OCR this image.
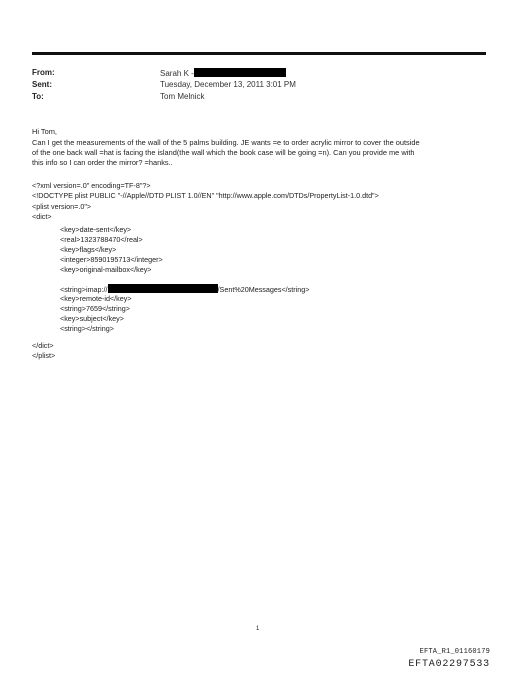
From:	Sarah K -
Sent:	Tuesday, December 13, 2011 3:01 PM
To:	Tom Melnick
Hi Tom,
Can I get the measurements of the wall of the 5 palms building. JE wants =e to order acrylic mirror to cover the outside
of the one back wall =hat is facing the island(the wall which the book case will be going =n). Can you provide me with
this info so I can order the mirror? =hanks..
<?xml version=.0" encoding=TF-8"?>
<!DOCTYPE plist PUBLIC "-//Apple//DTD PLIST 1.0//EN" "http://www.apple.com/DTDs/PropertyList-1.0.dtd">
<plist version=.0">
<dict>
<key>date-sent</key>
<real>1323788470</real>
<key>flags</key>
<integer>8590195713</integer>
<key>original-mailbox</key>
<string>imap://	/Sent%20Messages</string>
<key>remote-id</key>
<string>7659</string>
<key>subject</key>
<string></string>
</dict>
</plist>
1
EFTA_R1_01160179
EFTA02297533
